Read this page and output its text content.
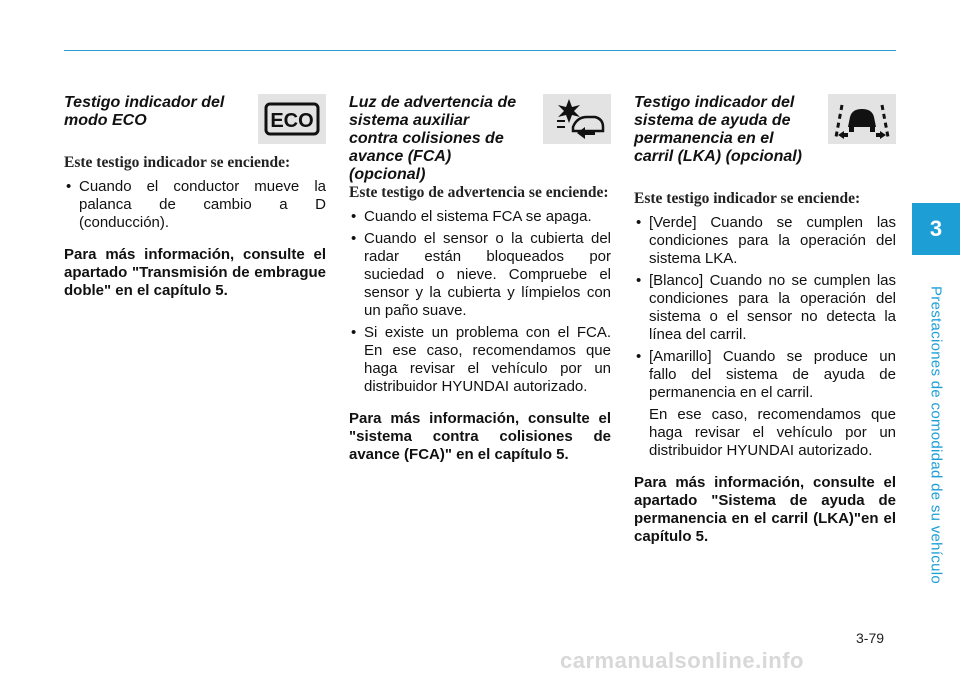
Testigo indicador del modo ECO	ECO

Este testigo indicador se enciende:

• Cuando el conductor mueve la palanca de cambio a D (conducción).

Para más información, consulte el apartado "Transmisión de embrague doble" en el capítulo 5.

Luz de advertencia de sistema auxiliar contra colisiones de avance (FCA) (opcional)

Este testigo de advertencia se enciende:

• Cuando el sistema FCA se apaga.
• Cuando el sensor o la cubierta del radar están bloqueados por suciedad o nieve. Compruebe el sensor y la cubierta y límpielos con un paño suave.
• Si existe un problema con el FCA. En ese caso, recomendamos que haga revisar el vehículo por un distribuidor HYUNDAI autorizado.

Para más información, consulte el "sistema contra colisiones de avance (FCA)" en el capítulo 5.

Testigo indicador del sistema de ayuda de permanencia en el carril (LKA) (opcional)

Este testigo indicador se enciende:

• [Verde] Cuando se cumplen las condiciones para la operación del sistema LKA.
• [Blanco] Cuando no se cumplen las condiciones para la operación del sistema o el sensor no detecta la línea del carril.
• [Amarillo] Cuando se produce un fallo del sistema de ayuda de permanencia en el carril.

En ese caso, recomendamos que haga revisar el vehículo por un distribuidor HYUNDAI autorizado.

Para más información, consulte el apartado "Sistema de ayuda de permanencia en el carril (LKA)"en el capítulo 5.

3
Prestaciones de comodidad de su vehículo
3-79
carmanualsonline.info
